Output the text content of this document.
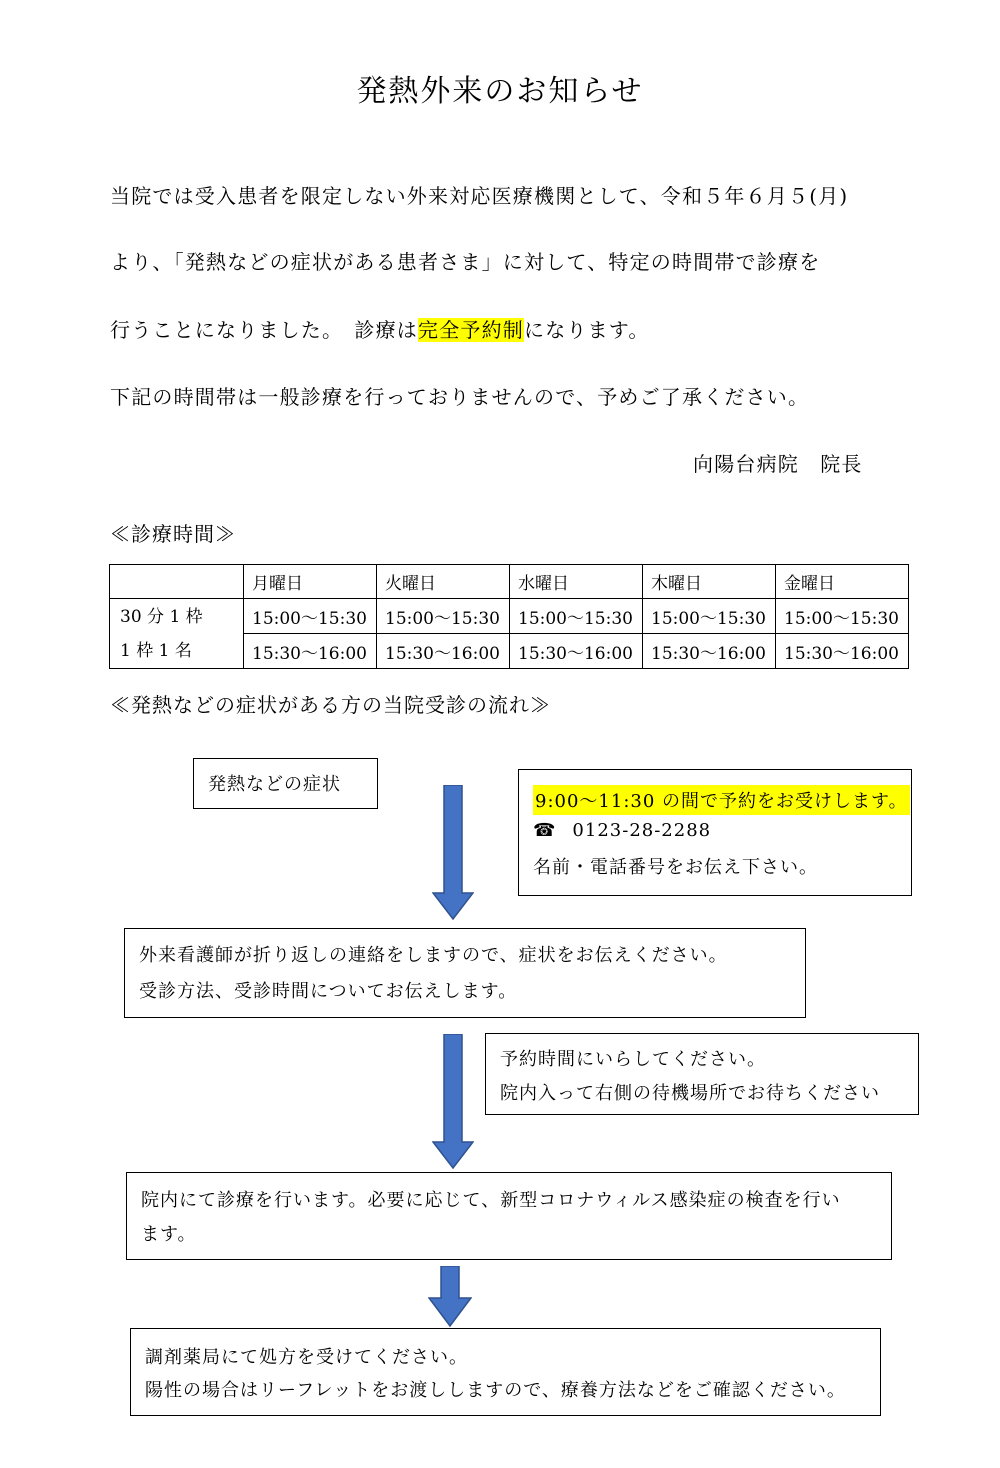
発熱外来のお知らせ
当院では受入患者を限定しない外来対応医療機関として、令和５年６月５(月)
より、「発熱などの症状がある患者さま」に対して、特定の時間帯で診療を
行うことになりました。　診療は完全予約制になります。
下記の時間帯は一般診療を行っておりませんので、予めご了承ください。
向陽台病院　院長
≪診療時間≫
	月曜日	火曜日	水曜日	木曜日	金曜日

30 分 1 枠
1 枠 1 名	15:00〜15:30	15:00〜15:30	15:00〜15:30	15:00〜15:30	15:00〜15:30
	15:30〜16:00	15:30〜16:00	15:30〜16:00	15:30〜16:00	15:30〜16:00
≪発熱などの症状がある方の当院受診の流れ≫
発熱などの症状
9:00〜11:30 の間で予約をお受けします。
☎ 0123-28-2288
名前・電話番号をお伝え下さい。
外来看護師が折り返しの連絡をしますので、症状をお伝えください。
受診方法、受診時間についてお伝えします。
予約時間にいらしてください。
院内入って右側の待機場所でお待ちください
院内にて診療を行います。必要に応じて、新型コロナウィルス感染症の検査を行い
ます。
調剤薬局にて処方を受けてください。
陽性の場合はリーフレットをお渡ししますので、療養方法などをご確認ください。
